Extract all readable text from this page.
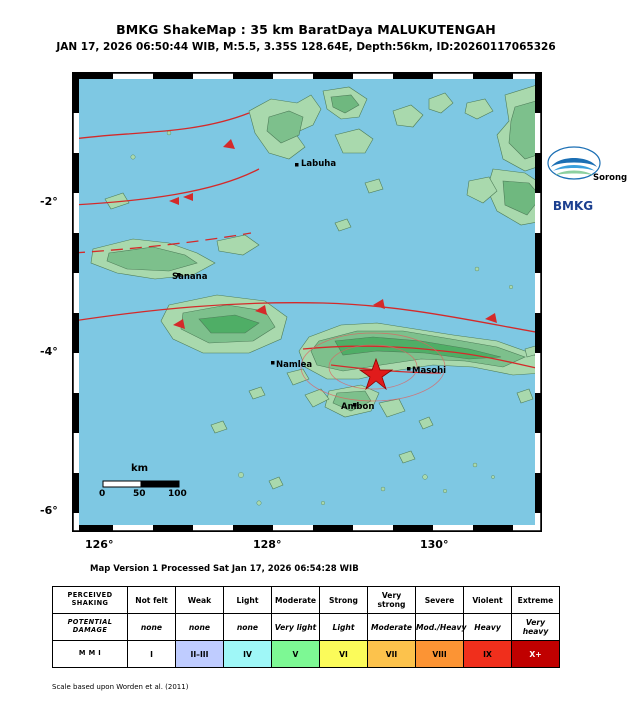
BMKG ShakeMap : 35 km BaratDaya MALUKUTENGAH
JAN 17, 2026 06:50:44 WIB, M:5.5, 3.35S 128.64E, Depth:56km, ID:20260117065326
Labuha
Sanana
Namlea
Masohi
Ambon
Sorong
BMKG
km
0	50 100
-2°
-4°
-6°
126°	128°	130°
Map Version 1 Processed Sat Jan 17, 2026 06:54:28 WIB
PERCEIVED SHAKING	Not felt	Weak	Light	Moderate	Strong	Very strong	Severe	Violent	Extreme
POTENTIAL DAMAGE	none	none	none	Very light	Light	Moderate	Mod./Heavy	Heavy	Very heavy
M M I	I	II–III	IV	V	VI	VII	VIII	IX	X+
Scale based upon Worden et al. (2011)
